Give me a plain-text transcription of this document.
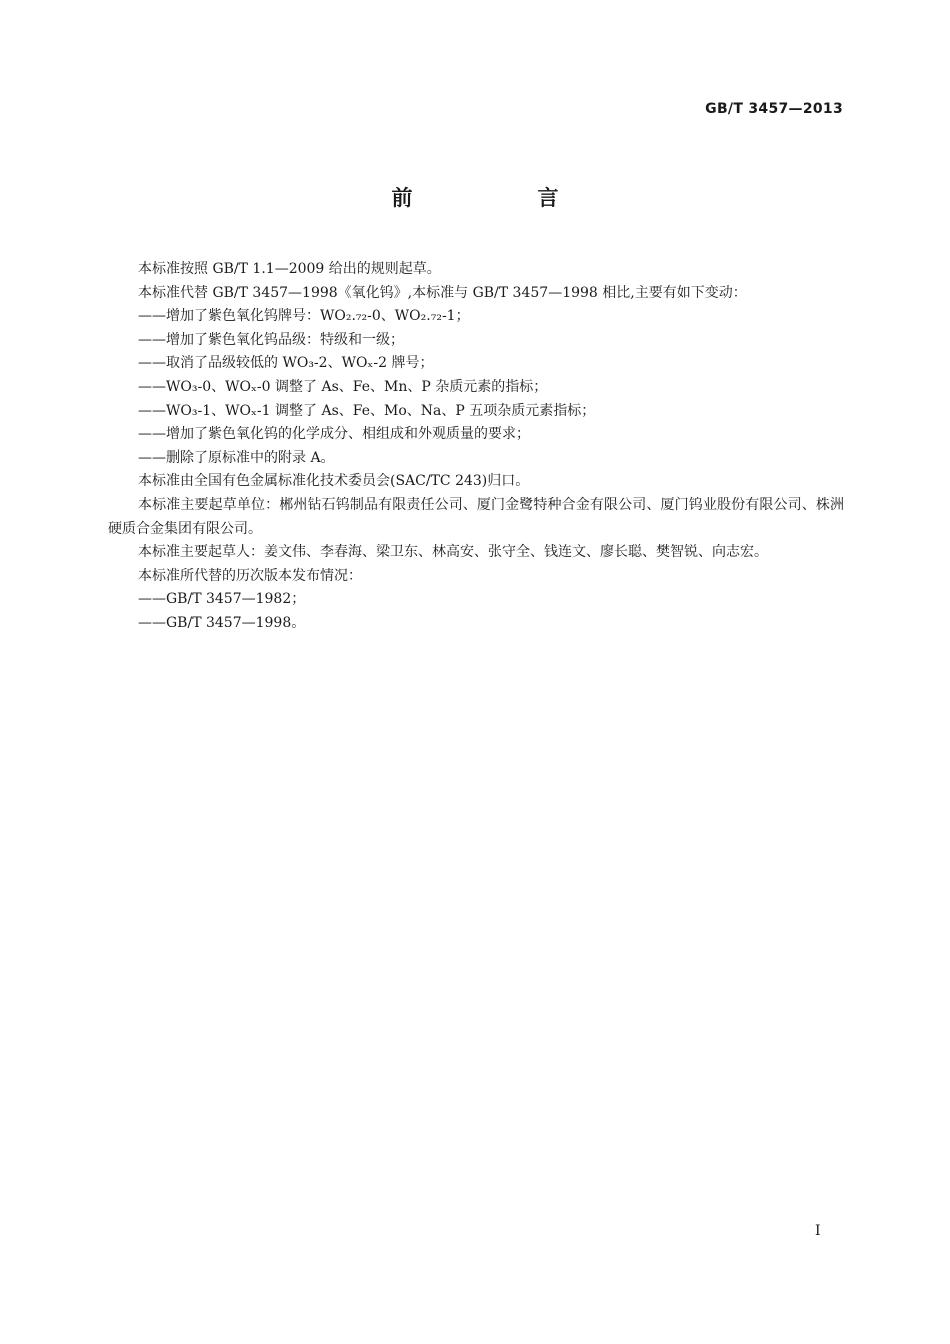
GB/T 3457—2013
前　言

本标准按照 GB/T 1.1—2009 给出的规则起草。

本标准代替 GB/T 3457—1998《氧化钨》,本标准与 GB/T 3457—1998 相比,主要有如下变动：

——增加了紫色氧化钨牌号：WO₂.₇₂-0、WO₂.₇₂-1；

——增加了紫色氧化钨品级：特级和一级；

——取消了品级较低的 WO₃-2、WOₓ-2 牌号；

——WO₃-0、WOₓ-0 调整了 As、Fe、Mn、P 杂质元素的指标；

——WO₃-1、WOₓ-1 调整了 As、Fe、Mo、Na、P 五项杂质元素指标；

——增加了紫色氧化钨的化学成分、相组成和外观质量的要求；

——删除了原标准中的附录 A。

本标准由全国有色金属标准化技术委员会(SAC/TC 243)归口。

本标准主要起草单位：郴州钻石钨制品有限责任公司、厦门金鹭特种合金有限公司、厦门钨业股份有限公司、株洲硬质合金集团有限公司。

本标准主要起草人：姜文伟、李春海、梁卫东、林高安、张守全、钱连文、廖长聪、樊智锐、向志宏。

本标准所代替的历次版本发布情况：

——GB/T 3457—1982；

——GB/T 3457—1998。

I
